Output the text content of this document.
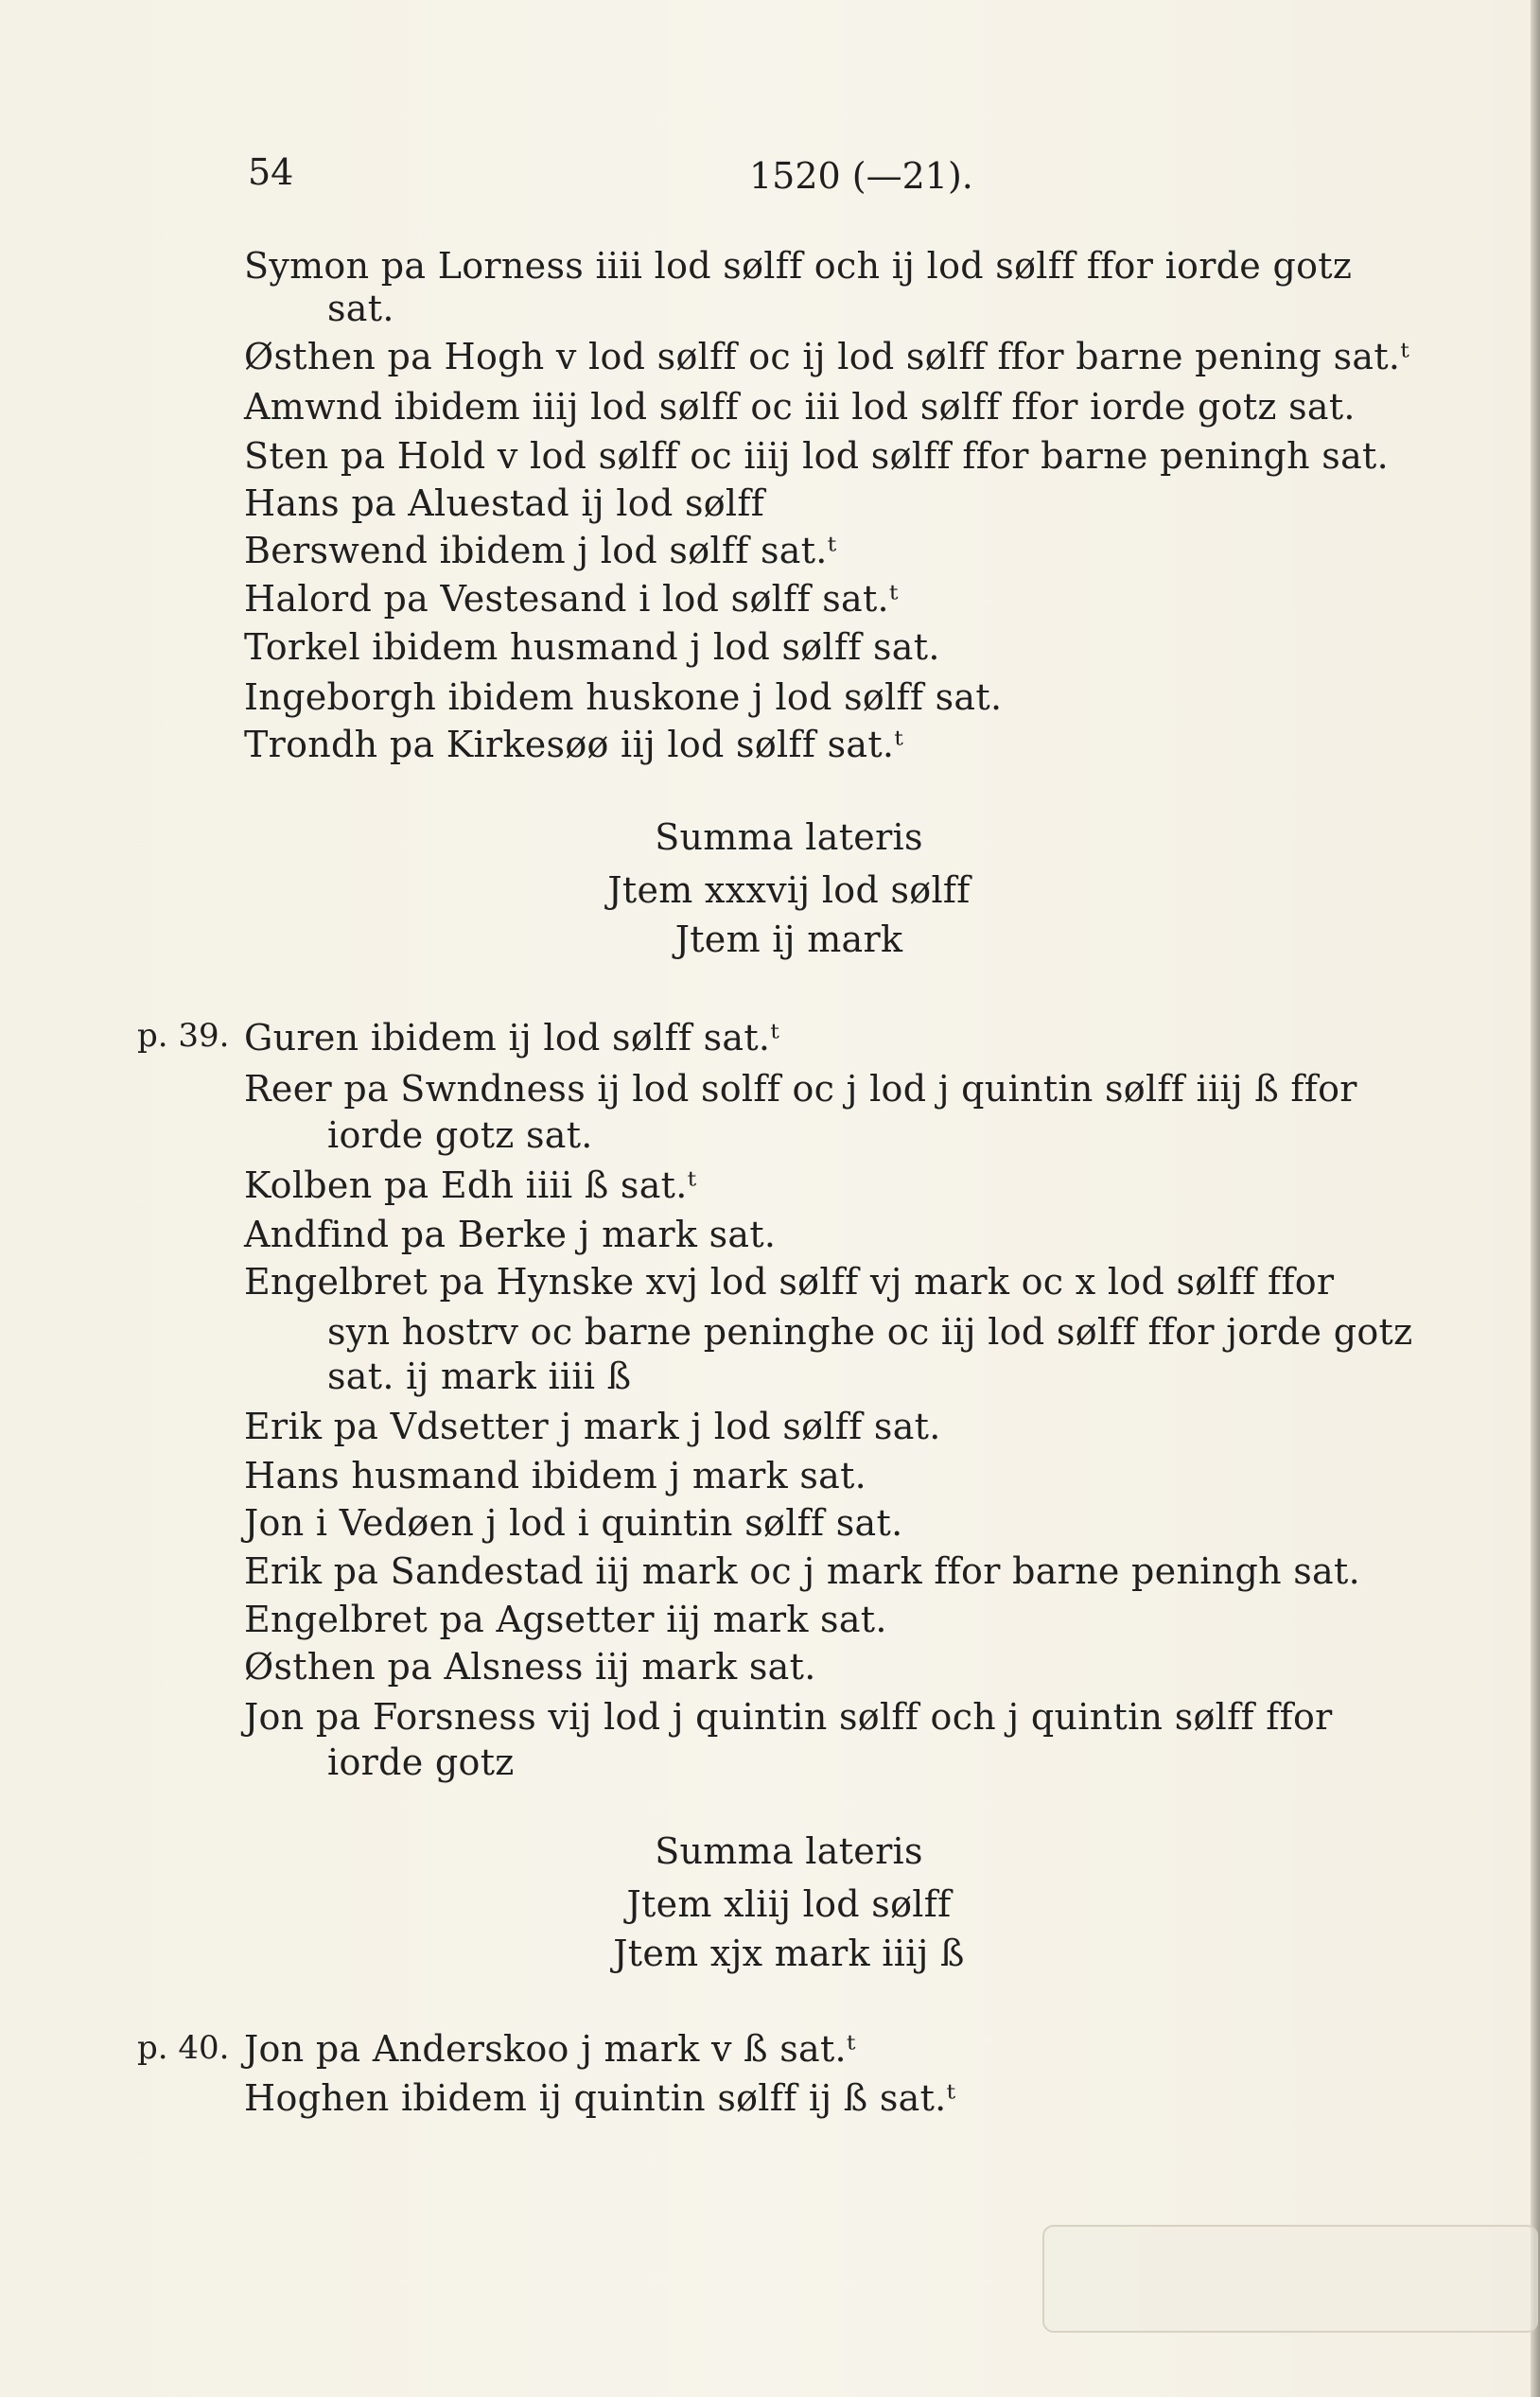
54	1520 (—21).
Symon pa Lorness iiii lod sølff och ij lod sølff ffor iorde gotz
sat.
Østhen pa Hogh v lod sølff oc ij lod sølff ffor barne pening sat.ᵗ
Amwnd ibidem iiij lod sølff oc iii lod sølff ffor iorde gotz sat.
Sten pa Hold v lod sølff oc iiij lod sølff ffor barne peningh sat.
Hans pa Aluestad ij lod sølff
Berswend ibidem j lod sølff sat.ᵗ
Halord pa Vestesand i lod sølff sat.ᵗ
Torkel ibidem husmand j lod sølff sat.
Ingeborgh ibidem huskone j lod sølff sat.
Trondh pa Kirkesøø iij lod sølff sat.ᵗ
Summa lateris
Jtem xxxvij lod sølff
Jtem ij mark
p. 39. Guren ibidem ij lod sølff sat.ᵗ
Reer pa Swndness ij lod solff oc j lod j quintin sølff iiij ß ffor
iorde gotz sat.
Kolben pa Edh iiii ß sat.ᵗ
Andfind pa Berke j mark sat.
Engelbret pa Hynske xvj lod sølff vj mark oc x lod sølff ffor
syn hostrv oc barne peninghe oc iij lod sølff ffor jorde gotz
sat. ij mark iiii ß
Erik pa Vdsetter j mark j lod sølff sat.
Hans husmand ibidem j mark sat.
Jon i Vedøen j lod i quintin sølff sat.
Erik pa Sandestad iij mark oc j mark ffor barne peningh sat.
Engelbret pa Agsetter iij mark sat.
Østhen pa Alsness iij mark sat.
Jon pa Forsness vij lod j quintin sølff och j quintin sølff ffor
iorde gotz
Summa lateris
Jtem xliij lod sølff
Jtem xjx mark iiij ß
p. 40. Jon pa Anderskoo j mark v ß sat.ᵗ
Hoghen ibidem ij quintin sølff ij ß sat.ᵗ
